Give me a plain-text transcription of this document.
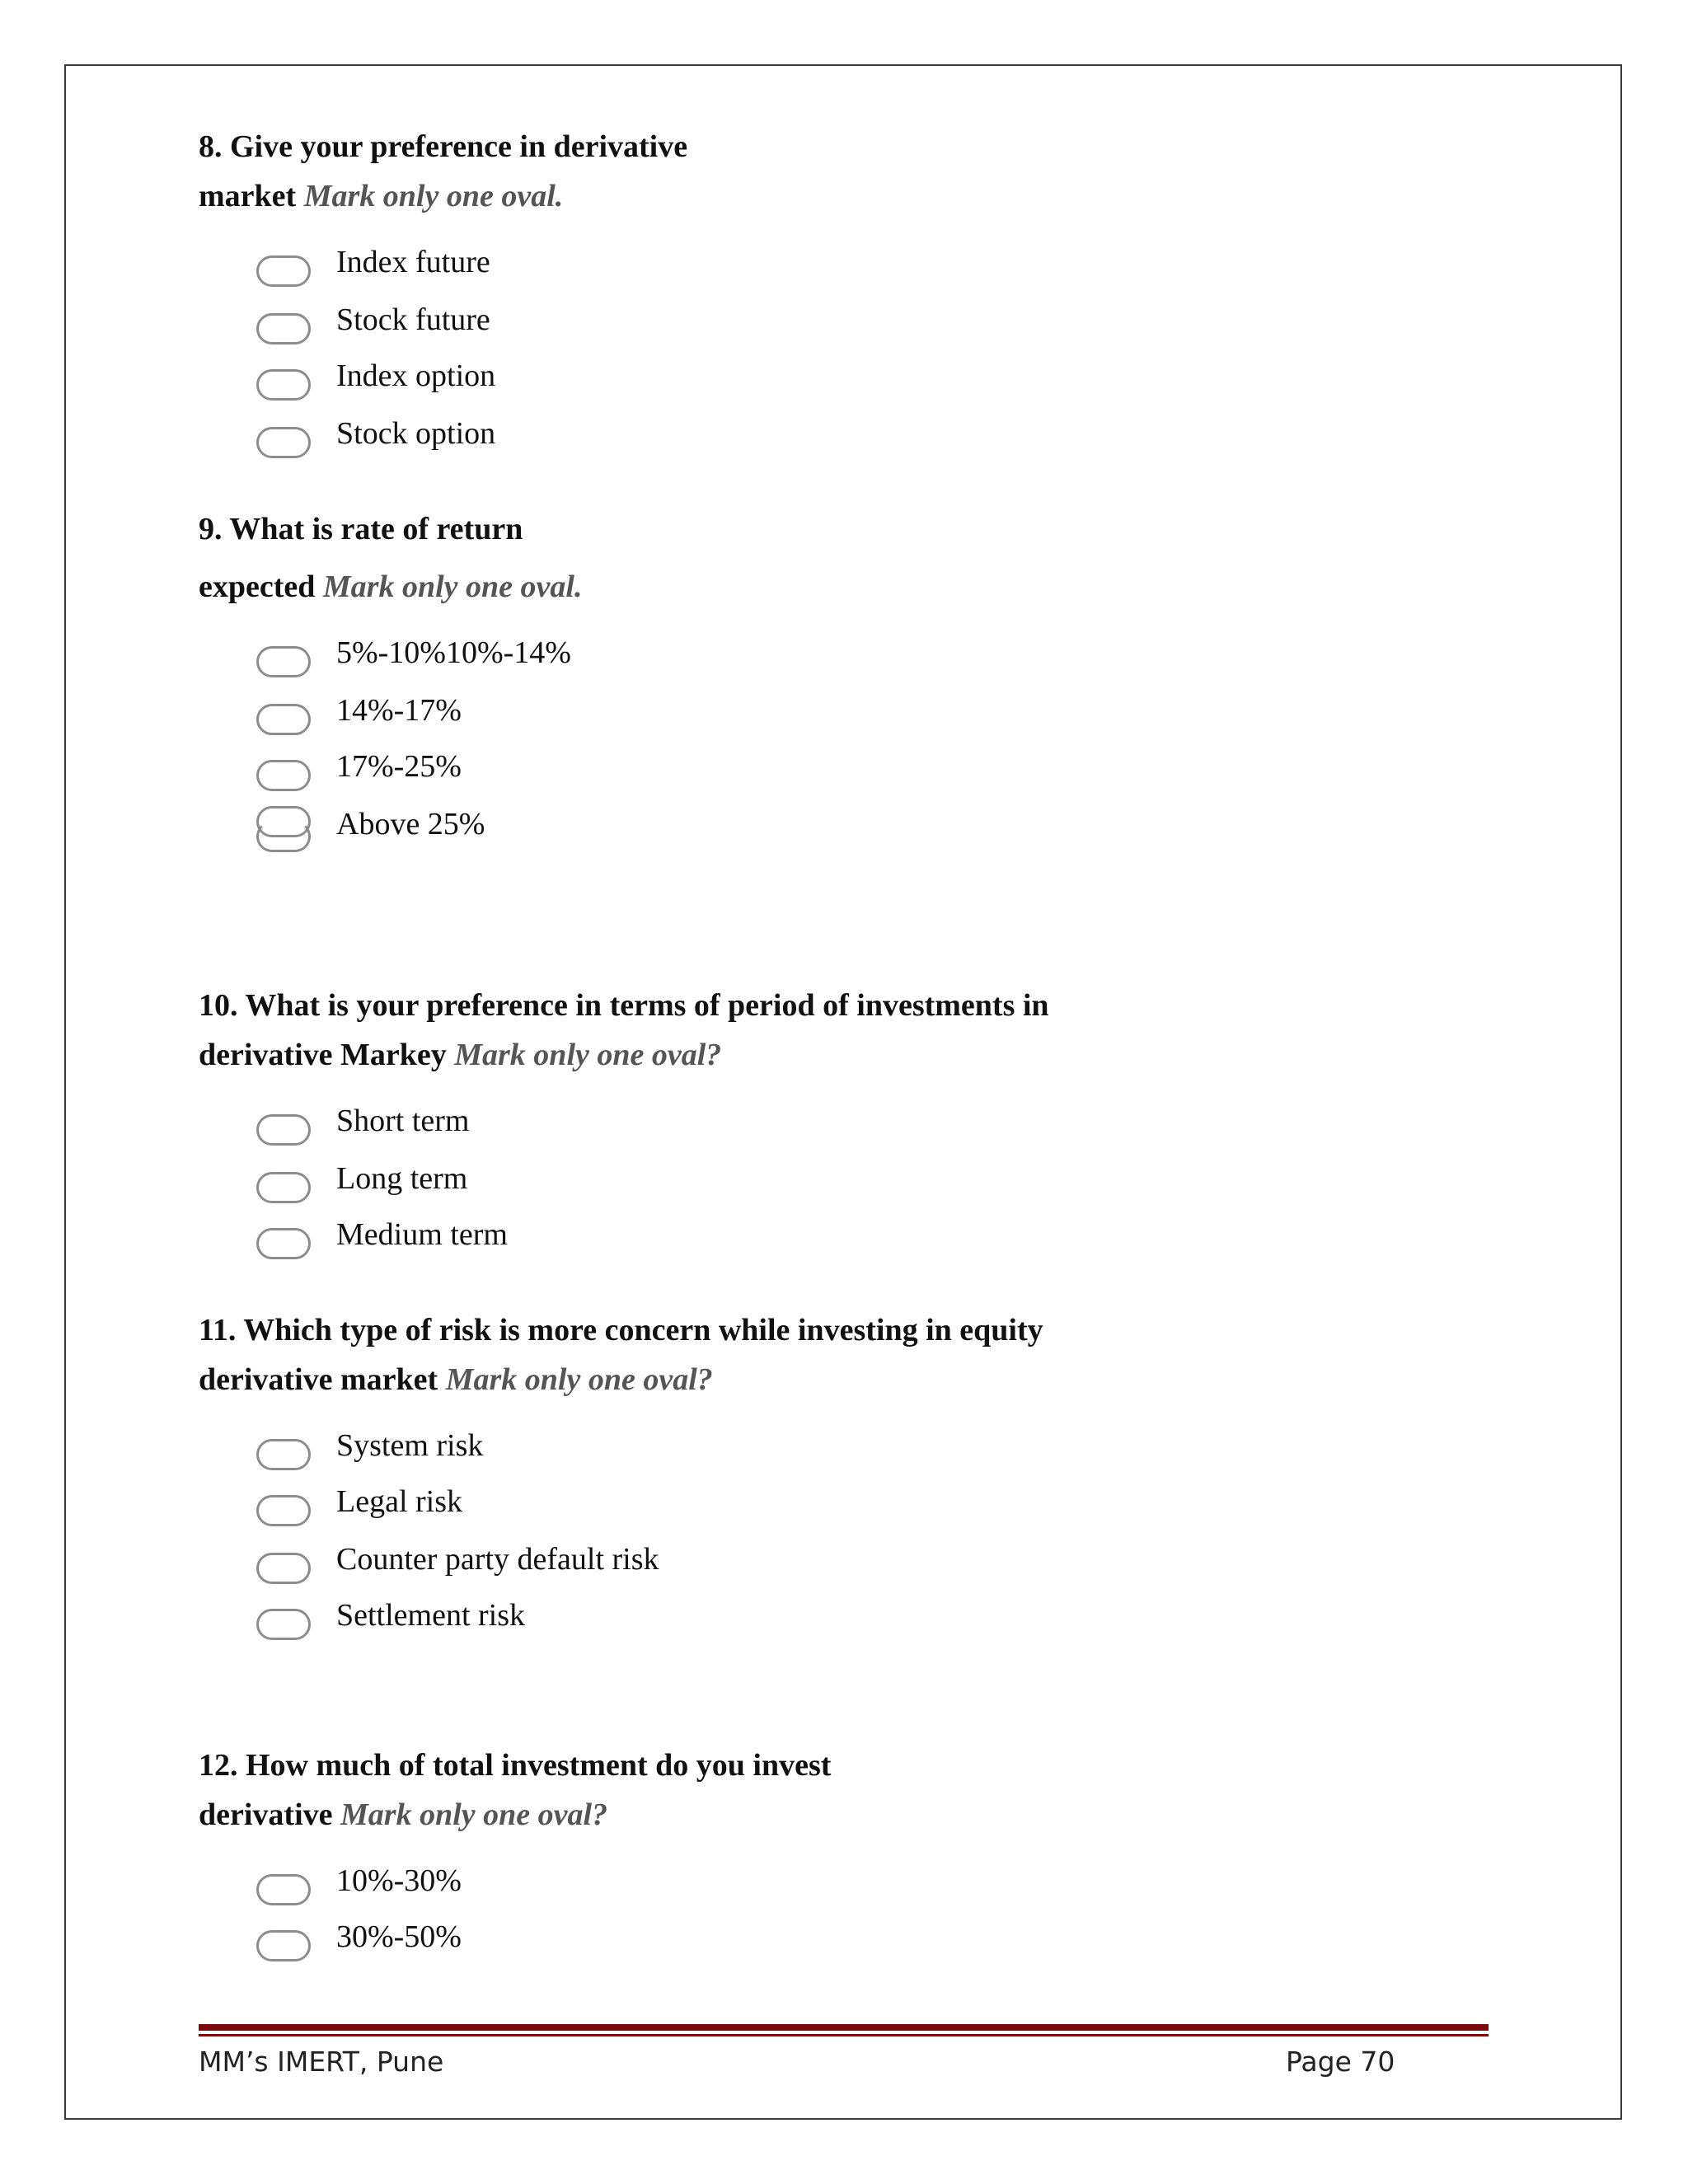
8. Give your preference in derivative
market Mark only one oval.
Index future
Stock future
Index option
Stock option
9. What is rate of return
expected Mark only one oval.
5%-10%10%-14%
14%-17%
17%-25%
Above 25%
10. What is your preference in terms of period of investments in
derivative Markey Mark only one oval?
Short term
Long term
Medium term
11. Which type of risk is more concern while investing in equity
derivative market Mark only one oval?
System risk
Legal risk
Counter party default risk
Settlement risk
12. How much of total investment do you invest
derivative Mark only one oval?
10%-30%
30%-50%
MM’s IMERT, Pune	Page 70
